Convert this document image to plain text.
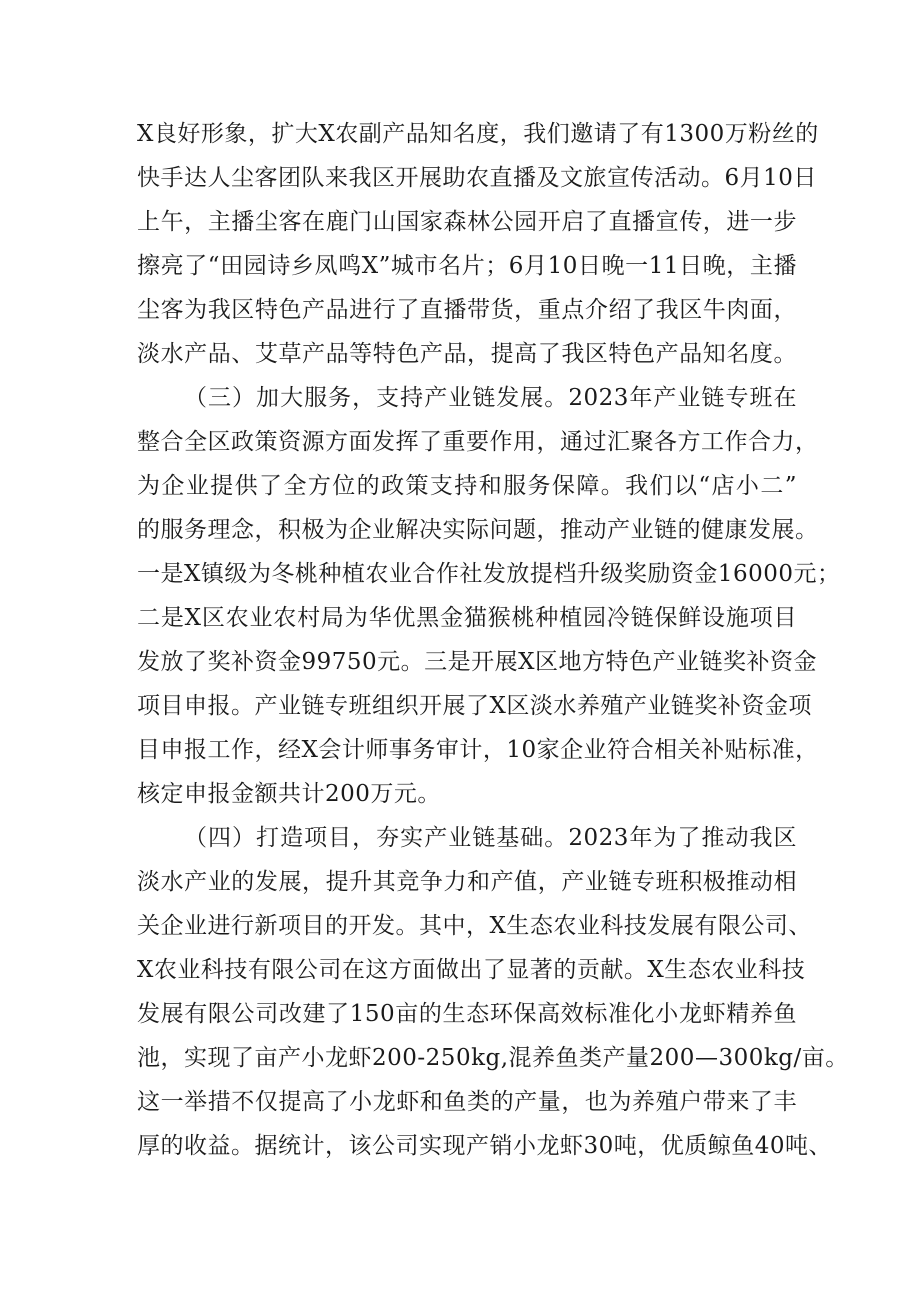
X良好形象，扩大X农副产品知名度，我们邀请了有1300万粉丝的
快手达人尘客团队来我区开展助农直播及文旅宣传活动。6月10日
上午，主播尘客在鹿门山国家森林公园开启了直播宣传，进一步
擦亮了“田园诗乡凤鸣X”城市名片；6月10日晚一11日晚，主播
尘客为我区特色产品进行了直播带货，重点介绍了我区牛肉面，
淡水产品、艾草产品等特色产品，提高了我区特色产品知名度。
（三）加大服务，支持产业链发展。2023年产业链专班在
整合全区政策资源方面发挥了重要作用，通过汇聚各方工作合力，
为企业提供了全方位的政策支持和服务保障。我们以“店小二”
的服务理念，积极为企业解决实际问题，推动产业链的健康发展。
一是X镇级为冬桃种植农业合作社发放提档升级奖励资金16000元；
二是X区农业农村局为华优黑金猫猴桃种植园冷链保鲜设施项目
发放了奖补资金99750元。三是开展X区地方特色产业链奖补资金
项目申报。产业链专班组织开展了X区淡水养殖产业链奖补资金项
目申报工作，经X会计师事务审计，10家企业符合相关补贴标准，
核定申报金额共计200万元。
（四）打造项目，夯实产业链基础。2023年为了推动我区
淡水产业的发展，提升其竞争力和产值，产业链专班积极推动相
关企业进行新项目的开发。其中，X生态农业科技发展有限公司、
X农业科技有限公司在这方面做出了显著的贡献。X生态农业科技
发展有限公司改建了150亩的生态环保高效标准化小龙虾精养鱼
池，实现了亩产小龙虾200-250kg,混养鱼类产量200—300kg/亩。
这一举措不仅提高了小龙虾和鱼类的产量，也为养殖户带来了丰
厚的收益。据统计，该公司实现产销小龙虾30吨，优质鲸鱼40吨、
